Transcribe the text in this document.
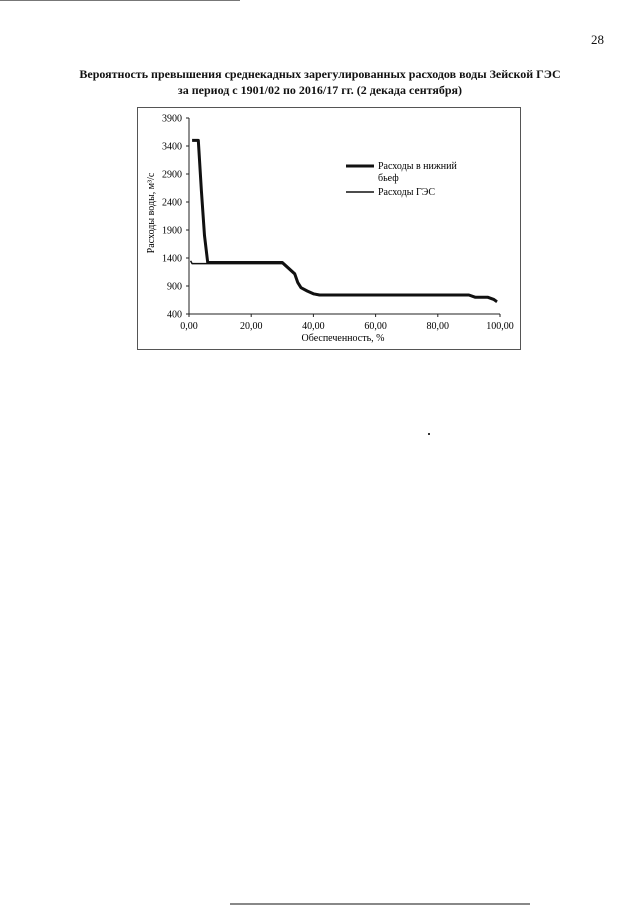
28
Вероятность превышения среднекадных зарегулированных расходов воды Зейской ГЭС
за период с 1901/02 по 2016/17 гг. (2 декада сентября)
400
900
1400
1900
2400
2900
3400
3900
0,00	20,00	40,00	60,00	80,00	100,00
Расходы воды, м³/с
Обеспеченность, %
Расходы в нижний
бьеф
Расходы ГЭС
